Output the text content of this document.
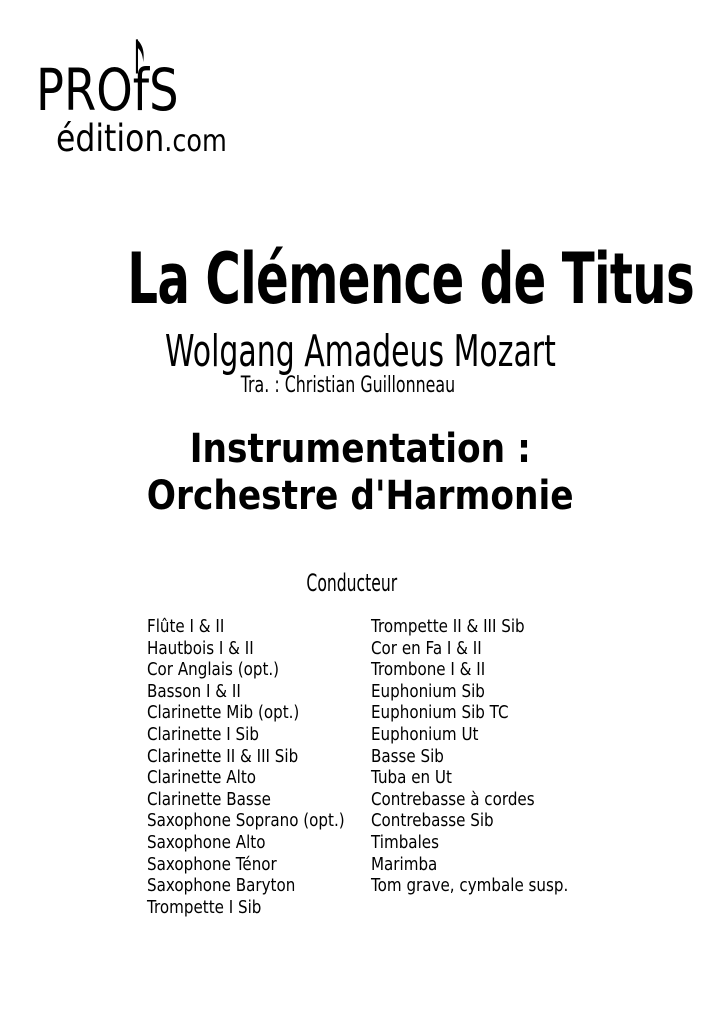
PRO
fS
édition.com
La Clémence de Titus
Wolgang Amadeus Mozart
Tra. : Christian Guillonneau
Instrumentation :
Orchestre d'Harmonie
Conducteur
Flûte I & II
Hautbois I & II
Cor Anglais (opt.)
Basson I & II
Clarinette Mib (opt.)
Clarinette I Sib
Clarinette II & III Sib
Clarinette Alto
Clarinette Basse
Saxophone Soprano (opt.)
Saxophone Alto
Saxophone Ténor
Saxophone Baryton
Trompette I Sib
Trompette II & III Sib
Cor en Fa I & II
Trombone I & II
Euphonium Sib
Euphonium Sib TC
Euphonium Ut
Basse Sib
Tuba en Ut
Contrebasse à cordes
Contrebasse Sib
Timbales
Marimba
Tom grave, cymbale susp.
